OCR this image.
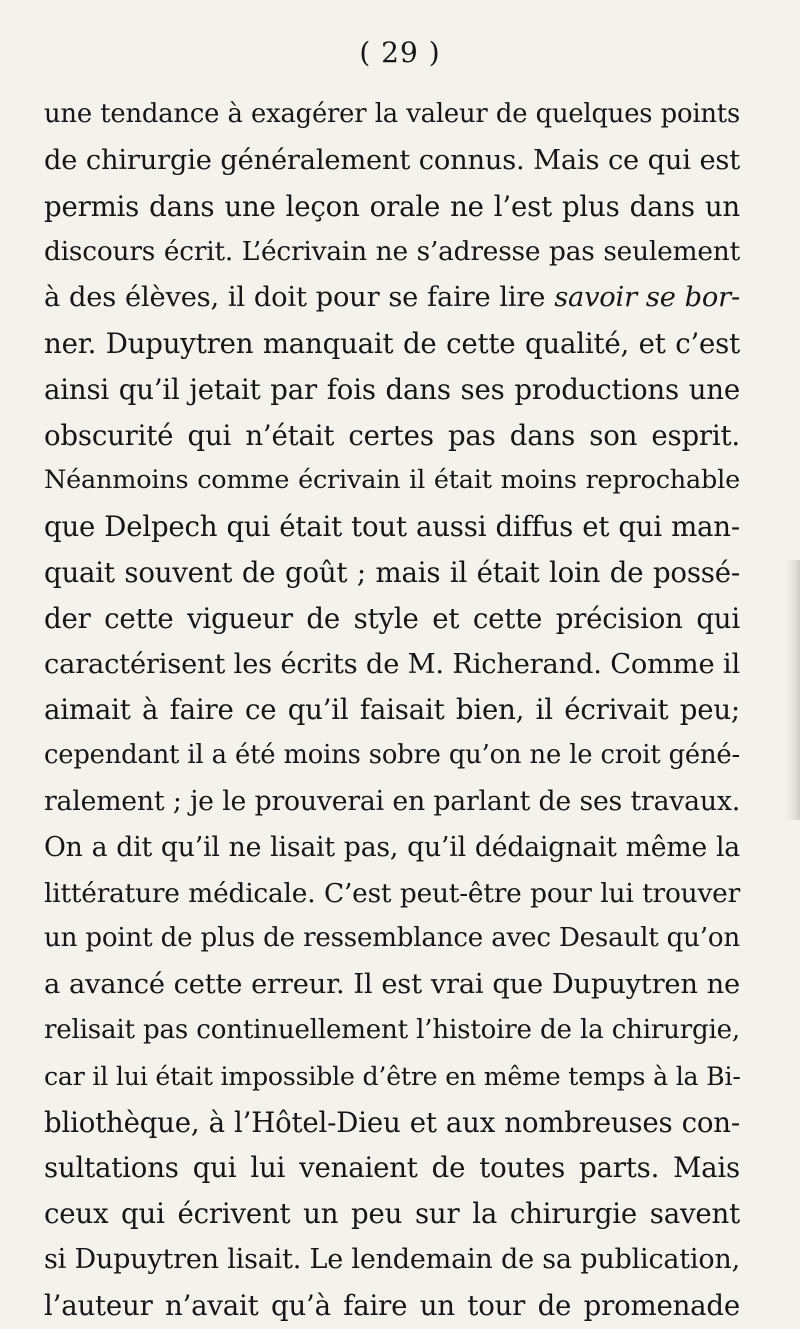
( 29 )
une tendance à exagérer la valeur de quelques points
de chirurgie généralement connus. Mais ce qui est
permis dans une leçon orale ne l’est plus dans un
discours écrit. L’écrivain ne s’adresse pas seulement
à des élèves, il doit pour se faire lire savoir se bor-
ner. Dupuytren manquait de cette qualité, et c’est
ainsi qu’il jetait par fois dans ses productions une
obscurité qui n’était certes pas dans son esprit.
Néanmoins comme écrivain il était moins reprochable
que Delpech qui était tout aussi diffus et qui man-
quait souvent de goût ; mais il était loin de possé-
der cette vigueur de style et cette précision qui
caractérisent les écrits de M. Richerand. Comme il
aimait à faire ce qu’il faisait bien, il écrivait peu;
cependant il a été moins sobre qu’on ne le croit géné-
ralement ; je le prouverai en parlant de ses travaux.
On a dit qu’il ne lisait pas, qu’il dédaignait même la
littérature médicale. C’est peut-être pour lui trouver
un point de plus de ressemblance avec Desault qu’on
a avancé cette erreur. Il est vrai que Dupuytren ne
relisait pas continuellement l’histoire de la chirurgie,
car il lui était impossible d’être en même temps à la Bi-
bliothèque, à l’Hôtel-Dieu et aux nombreuses con-
sultations qui lui venaient de toutes parts. Mais
ceux qui écrivent un peu sur la chirurgie savent
si Dupuytren lisait. Le lendemain de sa publication,
l’auteur n’avait qu’à faire un tour de promenade
